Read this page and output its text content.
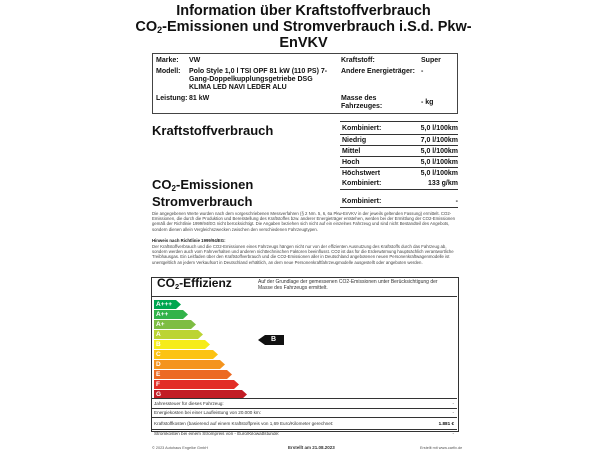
Information über Kraftstoffverbrauch
$CO_2$-Emissionen und Stromverbrauch i.S.d. Pkw-
EnVKV
Marke: VW
Modell: Polo Style 1,0 l TSI OPF 81 kW (110 PS) 7-
Gang-Doppelkupplungsgetriebe DSG
KLIMA LED NAVI LEDER ALU
Leistung: 81 kW
Kraftstoff:	Super
Andere Energieträger: -
Masse des
Fahrzeuges:
- kg
Kraftstoffverbrauch	Kombiniert:	5,0 l/100km
Niedrig	7,0 l/100km
Mittel	5,0 l/100km
Hoch	5,0 l/100km
Höchstwert	5,0 l/100km
$CO_2$-Emissionen	Kombiniert:	133 g/km
Stromverbrauch	Kombiniert:	-
Die angegebenen Werte wurden nach dem vorgeschriebenen Messverfahren (§ 2 Nrn. 5, 6, 6a Pkw-EnVKV in der jeweils geltenden Fassung) ermittelt. CO2-Emissionen, die durch die Produktion und Bereitstellung des Kraftstoffes bzw. anderer Energieträger entstehen, werden bei der Ermittlung der CO2-Emissionen gemäß der Richtlinie 1999/94/EG nicht berücksichtigt. Die Angaben beziehen sich nicht auf ein einzelnes Fahrzeug und sind nicht Bestandteil des Angebots, sondern dienen allein Vergleichszwecken zwischen den verschiedenen Fahrzeugtypen.
Hinweis nach Richtlinie 1999/94/EG:
Der Kraftstoffverbrauch und die CO2-Emissionen eines Fahrzeugs hängen nicht nur von der effizienten Ausnutzung des Kraftstoffs durch das Fahrzeug ab, sondern werden auch vom Fahrverhalten und anderen nichttechnischen Faktoren beeinflusst. CO2 ist das für die Erderwärmung hauptsächlich verantwortliche Treibhausgas. Ein Leitfaden über den Kraftstoffverbrauch und die CO2-Emissionen aller in Deutschland angebotenen neuen Personenkraftwagenmodelle ist unentgeltlich an jedem Verkaufsort in Deutschland erhältlich, an dem neue Personenkraftfahrzeugmodelle ausgestellt oder angeboten werden.
$CO_2$-Effizienz	Auf der Grundlage der gemessenen CO2-Emissionen unter Berücksichtigung der Masse des Fahrzeugs ermittelt.
A+++
A++
A+
A
B
C
D
E
F
G
B
Jahressteuer für dieses Fahrzeug:	-
Energiekosten bei einer Laufleistung von 20.000 km:	-
Kraftstoffkosten (basierend auf einem Kraftstoffpreis von 1,69 Euro/Kilometer gerechnet:	1.881 €
Stromkosten bei einem Strompreis von - Euro/Kilowattstunde:	-
© 2023 Autohaus Engelke GmbH	Erstellt am 21.08.2023	Erstellt mit www.carfix.de
